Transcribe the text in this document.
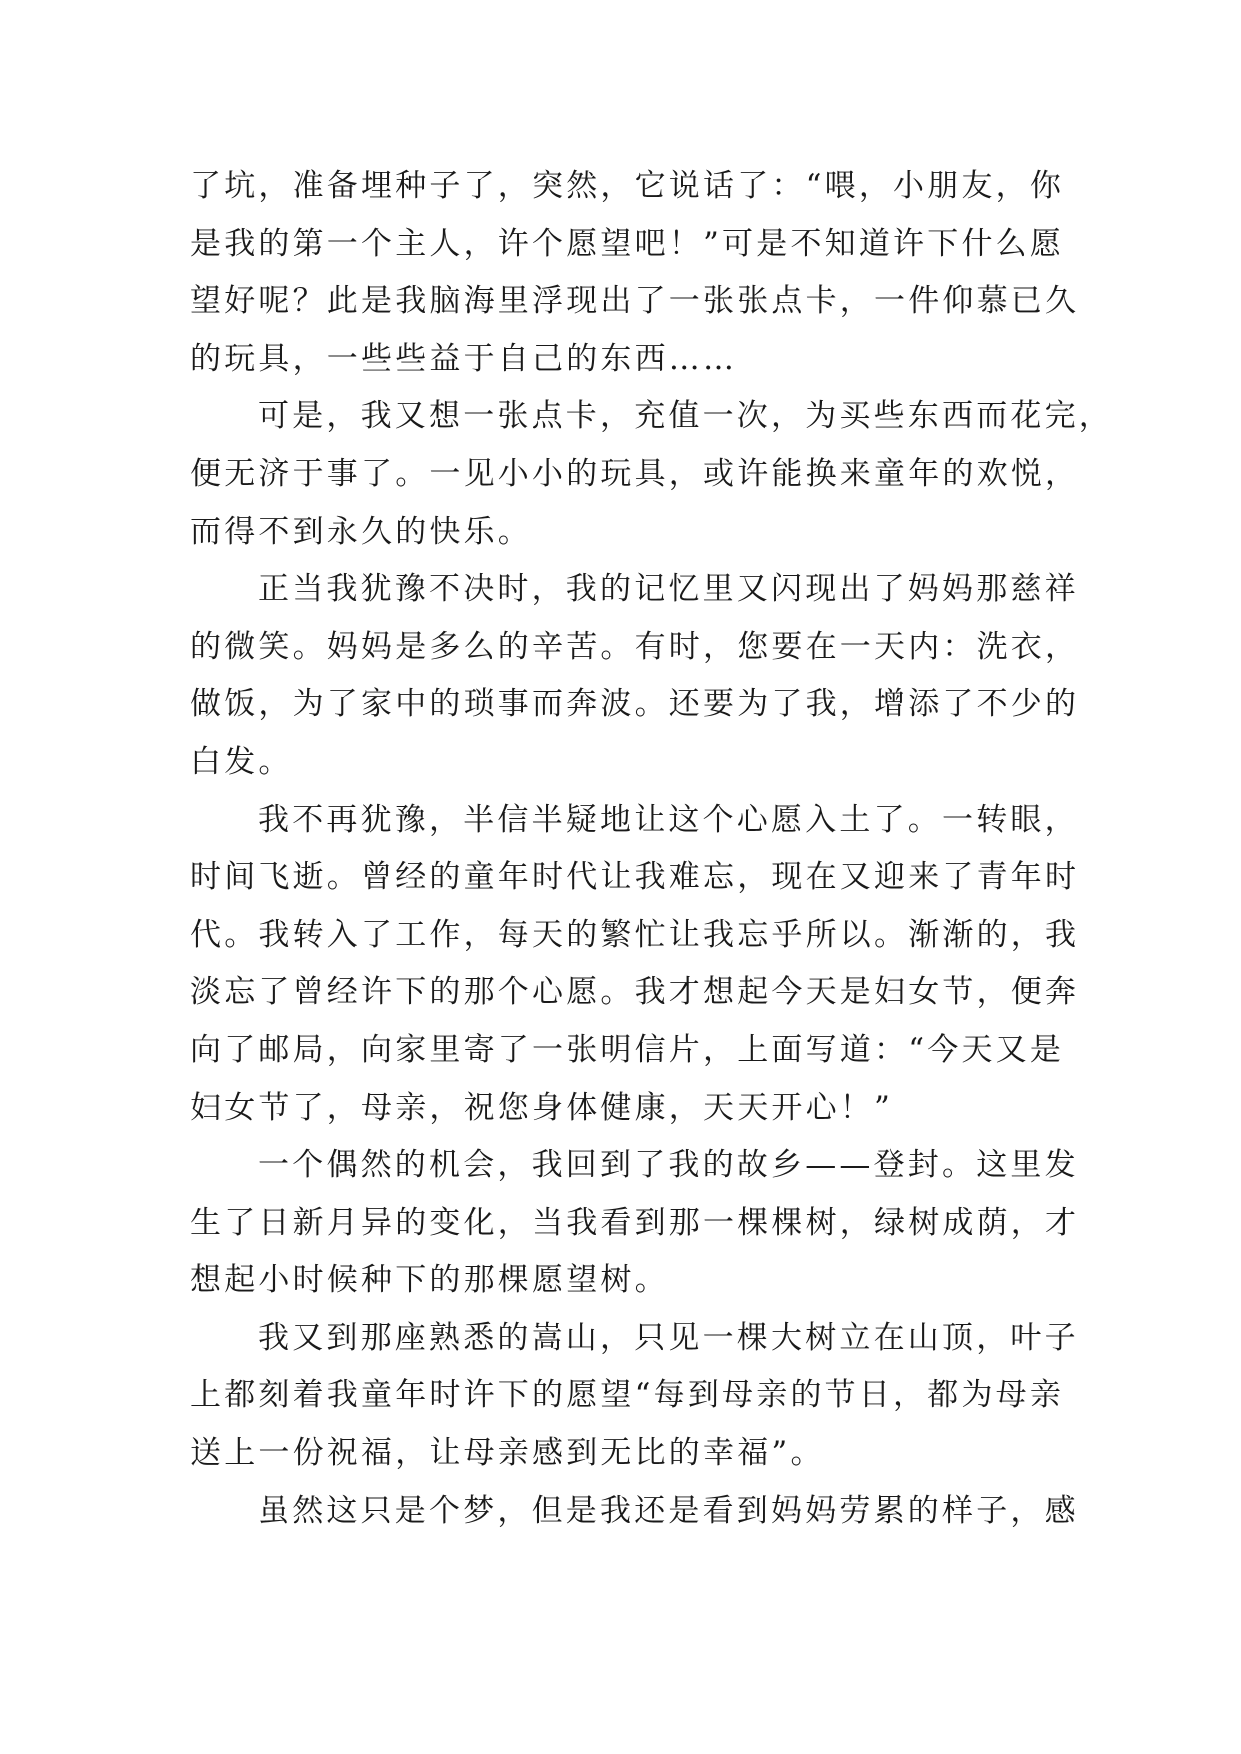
了坑，准备埋种子了，突然，它说话了：“喂，小朋友，你
是我的第一个主人，许个愿望吧！”可是不知道许下什么愿
望好呢？此是我脑海里浮现出了一张张点卡，一件仰慕已久
的玩具，一些些益于自己的东西……
可是，我又想一张点卡，充值一次，为买些东西而花完，
便无济于事了。一见小小的玩具，或许能换来童年的欢悦，
而得不到永久的快乐。
正当我犹豫不决时，我的记忆里又闪现出了妈妈那慈祥
的微笑。妈妈是多么的辛苦。有时，您要在一天内：洗衣，
做饭，为了家中的琐事而奔波。还要为了我，增添了不少的
白发。
我不再犹豫，半信半疑地让这个心愿入土了。一转眼，
时间飞逝。曾经的童年时代让我难忘，现在又迎来了青年时
代。我转入了工作，每天的繁忙让我忘乎所以。渐渐的，我
淡忘了曾经许下的那个心愿。我才想起今天是妇女节，便奔
向了邮局，向家里寄了一张明信片，上面写道：“今天又是
妇女节了，母亲，祝您身体健康，天天开心！”
一个偶然的机会，我回到了我的故乡——登封。这里发
生了日新月异的变化，当我看到那一棵棵树，绿树成荫，才
想起小时候种下的那棵愿望树。
我又到那座熟悉的嵩山，只见一棵大树立在山顶，叶子
上都刻着我童年时许下的愿望“每到母亲的节日，都为母亲
送上一份祝福，让母亲感到无比的幸福”。
虽然这只是个梦，但是我还是看到妈妈劳累的样子，感
